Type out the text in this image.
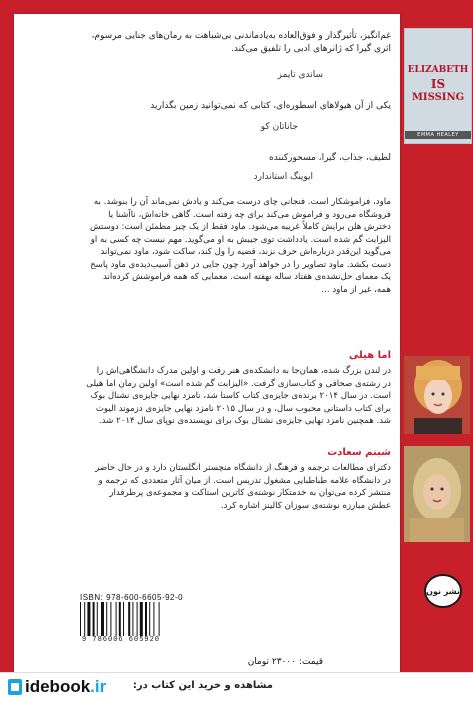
غم‌انگیز، تأثیرگذار و فوق‌العاده به‌یادماندنی بی‌شباهت به رمان‌های جنایی مرسوم، اثری گیرا که ژانرهای ادبی را تلفیق می‌کند.
ساندی تایمز
یکی از آن هیولاهای اسطوره‌ای، کتابی که نمی‌توانید زمین بگذارید
جاناتان کو
لطیف، جذاب، گیرا، مسحورکننده
ایوینگ استاندارد
ماود، فراموشکار است. فنجانی چای درست می‌کند و یادش نمی‌ماند آن را بنوشد. به فروشگاه می‌رود و فراموش می‌کند برای چه رفته است. گاهی خانه‌اش، ناآشنا یا دخترش هلن برایش کاملاً غریبه می‌شود. ماود فقط از یک چیز مطمئن است: دوستش الیزابت گم شده است. یادداشت توی جیبش به او می‌گوید. مهم نیست چه کسی به او می‌گوید این‌قدر درباره‌اش حرف نزند، قضیه را ول کند، ساکت شود، ماود نمی‌تواند دست بکشد. ماود تصاویر را در خواهد آورد چون جایی در ذهن آسیب‌دیده‌ی ماود پاسخ یک معمای حل‌نشده‌ی هفتاد ساله نهفته است. معمایی که همه فراموشش کرده‌اند همه، غیر از ماود ...
اما هیلی
در لندن بزرگ شده، همان‌جا به دانشکده‌ی هنر رفت و اولین مدرک دانشگاهی‌اش را در رشته‌ی صحافی و کتاب‌سازی گرفت. «الیزابت گم شده است» اولین رمان اما هیلی است. در سال ۲۰۱۴ برنده‌ی جایزه‌ی کتاب کاستا شد، نامزد نهایی جایزه‌ی نشنال بوک برای کتاب داستانی محبوب سال، و در سال ۲۰۱۵ نامزد نهایی جایزه‌ی دزموند الیوت شد. همچنین نامزد نهایی جایزه‌ی نشنال بوک برای نویسنده‌ی نوپای سال ۲۰۱۴ شد.
شبنم سعادت
دکترای مطالعات ترجمه و فرهنگ از دانشگاه منچستر انگلستان دارد و در حال حاضر در دانشگاه علامه طباطبایی مشغول تدریس است. از میان آثار متعددی که ترجمه و منتشر کرده می‌توان به خدمتکار نوشته‌ی کاترین استاکت و مجموعه‌ی پرطرفدار عطش مبارزه نوشته‌ی سوزان کالینز اشاره کرد.
ELIZABETH
IS
MISSING
EMMA HEALEY
نشر نون
ISBN: 978-600-6605-92-0
9 786006 605920
قیمت: ۲۳۰۰۰ تومان
idebook .ir	مشاهده و خرید این کتاب در:
